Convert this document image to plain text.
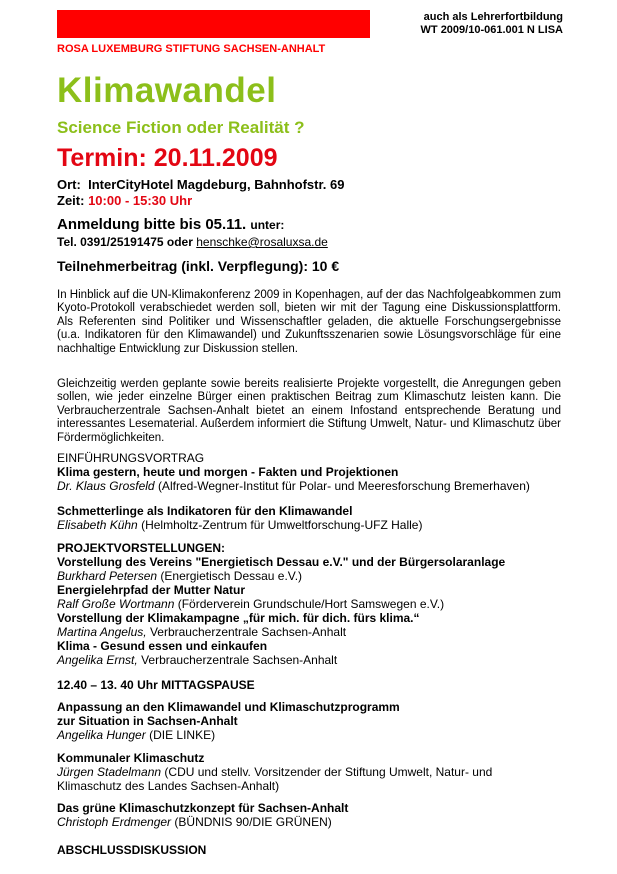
ROSA LUXEMBURG STIFTUNG SACHSEN-ANHALT
auch als Lehrerfortbildung
WT 2009/10-061.001 N LISA
Klimawandel
Science Fiction oder Realität ?
Termin: 20.11.2009
Ort: InterCityHotel Magdeburg, Bahnhofstr. 69
Zeit: 10:00 - 15:30 Uhr
Anmeldung bitte bis 05.11. unter:
Tel. 0391/25191475 oder henschke@rosaluxsa.de
Teilnehmerbeitrag (inkl. Verpflegung): 10 €
In Hinblick auf die UN-Klimakonferenz 2009 in Kopenhagen, auf der das Nachfolgeabkommen zum Kyoto-Protokoll verabschiedet werden soll, bieten wir mit der Tagung eine Diskussionsplattform. Als Referenten sind Politiker und Wissenschaftler geladen, die aktuelle Forschungsergebnisse (u.a. Indikatoren für den Klimawandel) und Zukunftsszenarien sowie Lösungsvorschläge für eine nachhaltige Entwicklung zur Diskussion stellen.
Gleichzeitig werden geplante sowie bereits realisierte Projekte vorgestellt, die Anregungen geben sollen, wie jeder einzelne Bürger einen praktischen Beitrag zum Klimaschutz leisten kann. Die Verbraucherzentrale Sachsen-Anhalt bietet an einem Infostand entsprechende Beratung und interessantes Lesematerial. Außerdem informiert die Stiftung Umwelt, Natur- und Klimaschutz über Fördermöglichkeiten.
EINFÜHRUNGSVORTRAG
Klima gestern, heute und morgen - Fakten und Projektionen
Dr. Klaus Grosfeld (Alfred-Wegner-Institut für Polar- und Meeresforschung Bremerhaven)
Schmetterlinge als Indikatoren für den Klimawandel
Elisabeth Kühn (Helmholtz-Zentrum für Umweltforschung-UFZ Halle)
PROJEKTVORSTELLUNGEN:
Vorstellung des Vereins "Energietisch Dessau e.V." und der Bürgersolaranlage
Burkhard Petersen (Energietisch Dessau e.V.)
Energielehrpfad der Mutter Natur
Ralf Große Wortmann (Förderverein Grundschule/Hort Samswegen e.V.)
Vorstellung der Klimakampagne „für mich. für dich. fürs klima.“
Martina Angelus, Verbraucherzentrale Sachsen-Anhalt
Klima - Gesund essen und einkaufen
Angelika Ernst, Verbraucherzentrale Sachsen-Anhalt
12.40 – 13. 40 Uhr MITTAGSPAUSE
Anpassung an den Klimawandel und Klimaschutzprogramm
zur Situation in Sachsen-Anhalt
Angelika Hunger (DIE LINKE)
Kommunaler Klimaschutz
Jürgen Stadelmann (CDU und stellv. Vorsitzender der Stiftung Umwelt, Natur- und
Klimaschutz des Landes Sachsen-Anhalt)
Das grüne Klimaschutzkonzept für Sachsen-Anhalt
Christoph Erdmenger (BÜNDNIS 90/DIE GRÜNEN)
ABSCHLUSSDISKUSSION
